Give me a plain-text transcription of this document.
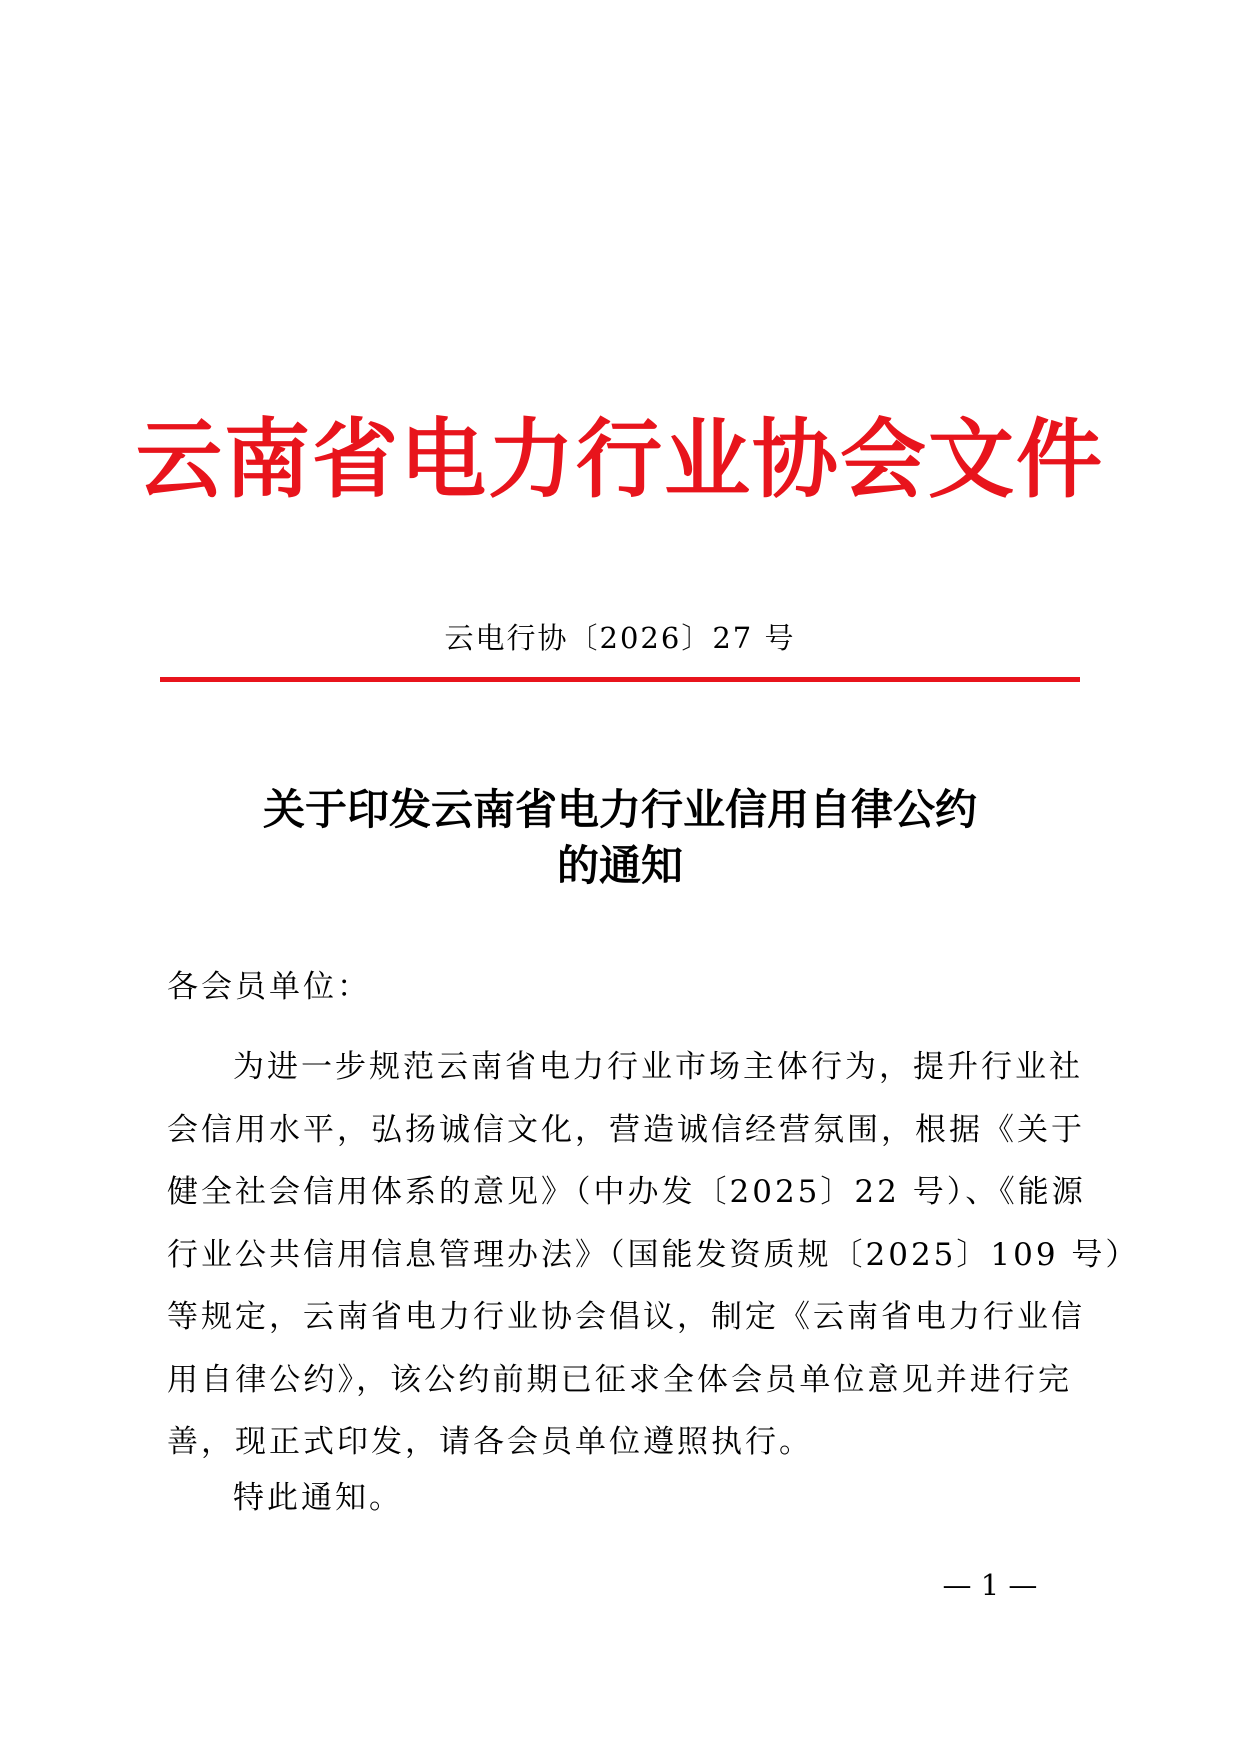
云南省电力行业协会文件
云电行协〔2026〕27 号
关于印发云南省电力行业信用自律公约
的通知
各会员单位：
为进一步规范云南省电力行业市场主体行为，提升行业社
会信用水平，弘扬诚信文化，营造诚信经营氛围，根据《关于
健全社会信用体系的意见》（中办发〔2025〕22 号）、《能源
行业公共信用信息管理办法》（国能发资质规〔2025〕109 号）
等规定，云南省电力行业协会倡议，制定《云南省电力行业信
用自律公约》，该公约前期已征求全体会员单位意见并进行完
善，现正式印发，请各会员单位遵照执行。
特此通知。
— 1 —
